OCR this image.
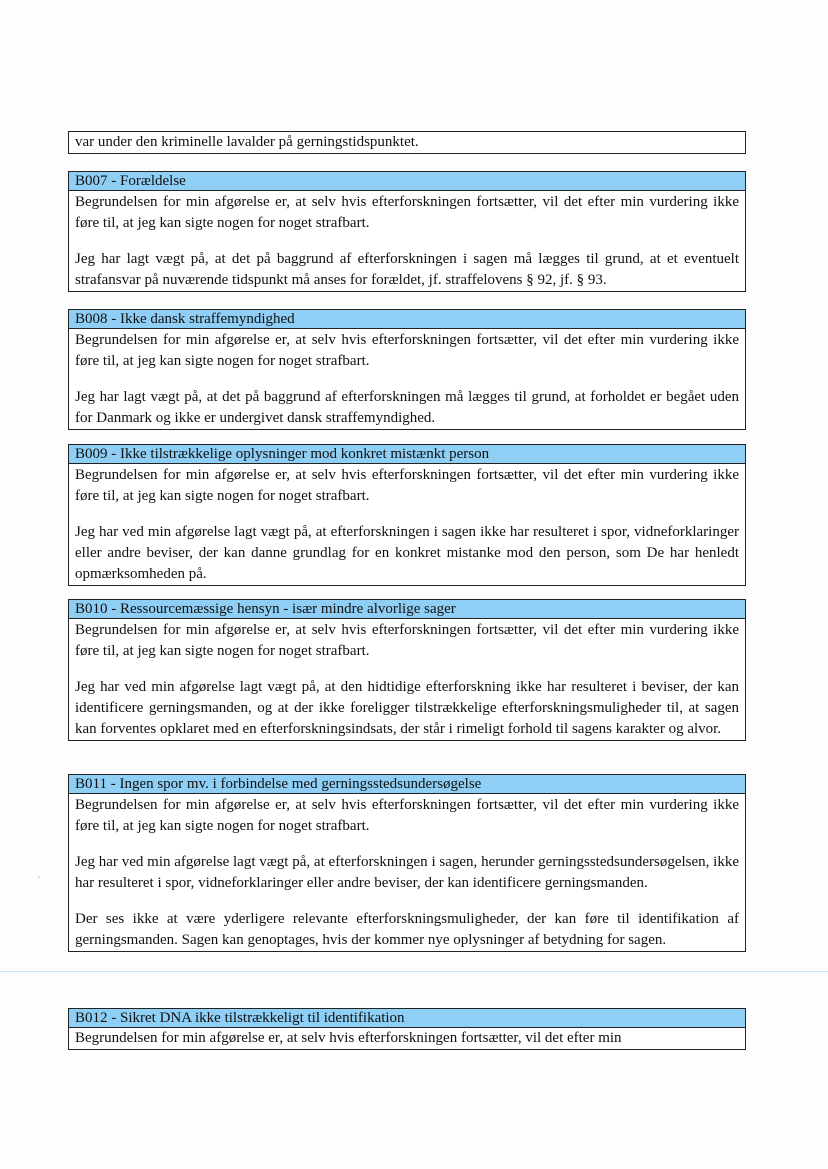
var under den kriminelle lavalder på gerningstidspunktet.

B007 - Forældelse

Begrundelsen for min afgørelse er, at selv hvis efterforskningen fortsætter, vil det efter min vurdering ikke føre til, at jeg kan sigte nogen for noget strafbart.

Jeg har lagt vægt på, at det på baggrund af efterforskningen i sagen må lægges til grund, at et eventuelt strafansvar på nuværende tidspunkt må anses for forældet, jf. straffelovens § 92, jf. § 93.

B008 - Ikke dansk straffemyndighed

Begrundelsen for min afgørelse er, at selv hvis efterforskningen fortsætter, vil det efter min vurdering ikke føre til, at jeg kan sigte nogen for noget strafbart.

Jeg har lagt vægt på, at det på baggrund af efterforskningen må lægges til grund, at forholdet er begået uden for Danmark og ikke er undergivet dansk straffemyndighed.

B009 - Ikke tilstrækkelige oplysninger mod konkret mistænkt person

Begrundelsen for min afgørelse er, at selv hvis efterforskningen fortsætter, vil det efter min vurdering ikke føre til, at jeg kan sigte nogen for noget strafbart.

Jeg har ved min afgørelse lagt vægt på, at efterforskningen i sagen ikke har resulteret i spor, vidneforklaringer eller andre beviser, der kan danne grundlag for en konkret mistanke mod den person, som De har henledt opmærksomheden på.

B010 - Ressourcemæssige hensyn - især mindre alvorlige sager

Begrundelsen for min afgørelse er, at selv hvis efterforskningen fortsætter, vil det efter min vurdering ikke føre til, at jeg kan sigte nogen for noget strafbart.

Jeg har ved min afgørelse lagt vægt på, at den hidtidige efterforskning ikke har resulteret i beviser, der kan identificere gerningsmanden, og at der ikke foreligger tilstrækkelige efterforskningsmuligheder til, at sagen kan forventes opklaret med en efterforskningsindsats, der står i rimeligt forhold til sagens karakter og alvor.

B011 - Ingen spor mv. i forbindelse med gerningsstedsundersøgelse

Begrundelsen for min afgørelse er, at selv hvis efterforskningen fortsætter, vil det efter min vurdering ikke føre til, at jeg kan sigte nogen for noget strafbart.

Jeg har ved min afgørelse lagt vægt på, at efterforskningen i sagen, herunder gerningsstedsundersøgelsen, ikke har resulteret i spor, vidneforklaringer eller andre beviser, der kan identificere gerningsmanden.

Der ses ikke at være yderligere relevante efterforskningsmuligheder, der kan føre til identifikation af gerningsmanden. Sagen kan genoptages, hvis der kommer nye oplysninger af betydning for sagen.

B012 - Sikret DNA ikke tilstrækkeligt til identifikation

Begrundelsen for min afgørelse er, at selv hvis efterforskningen fortsætter, vil det efter min
